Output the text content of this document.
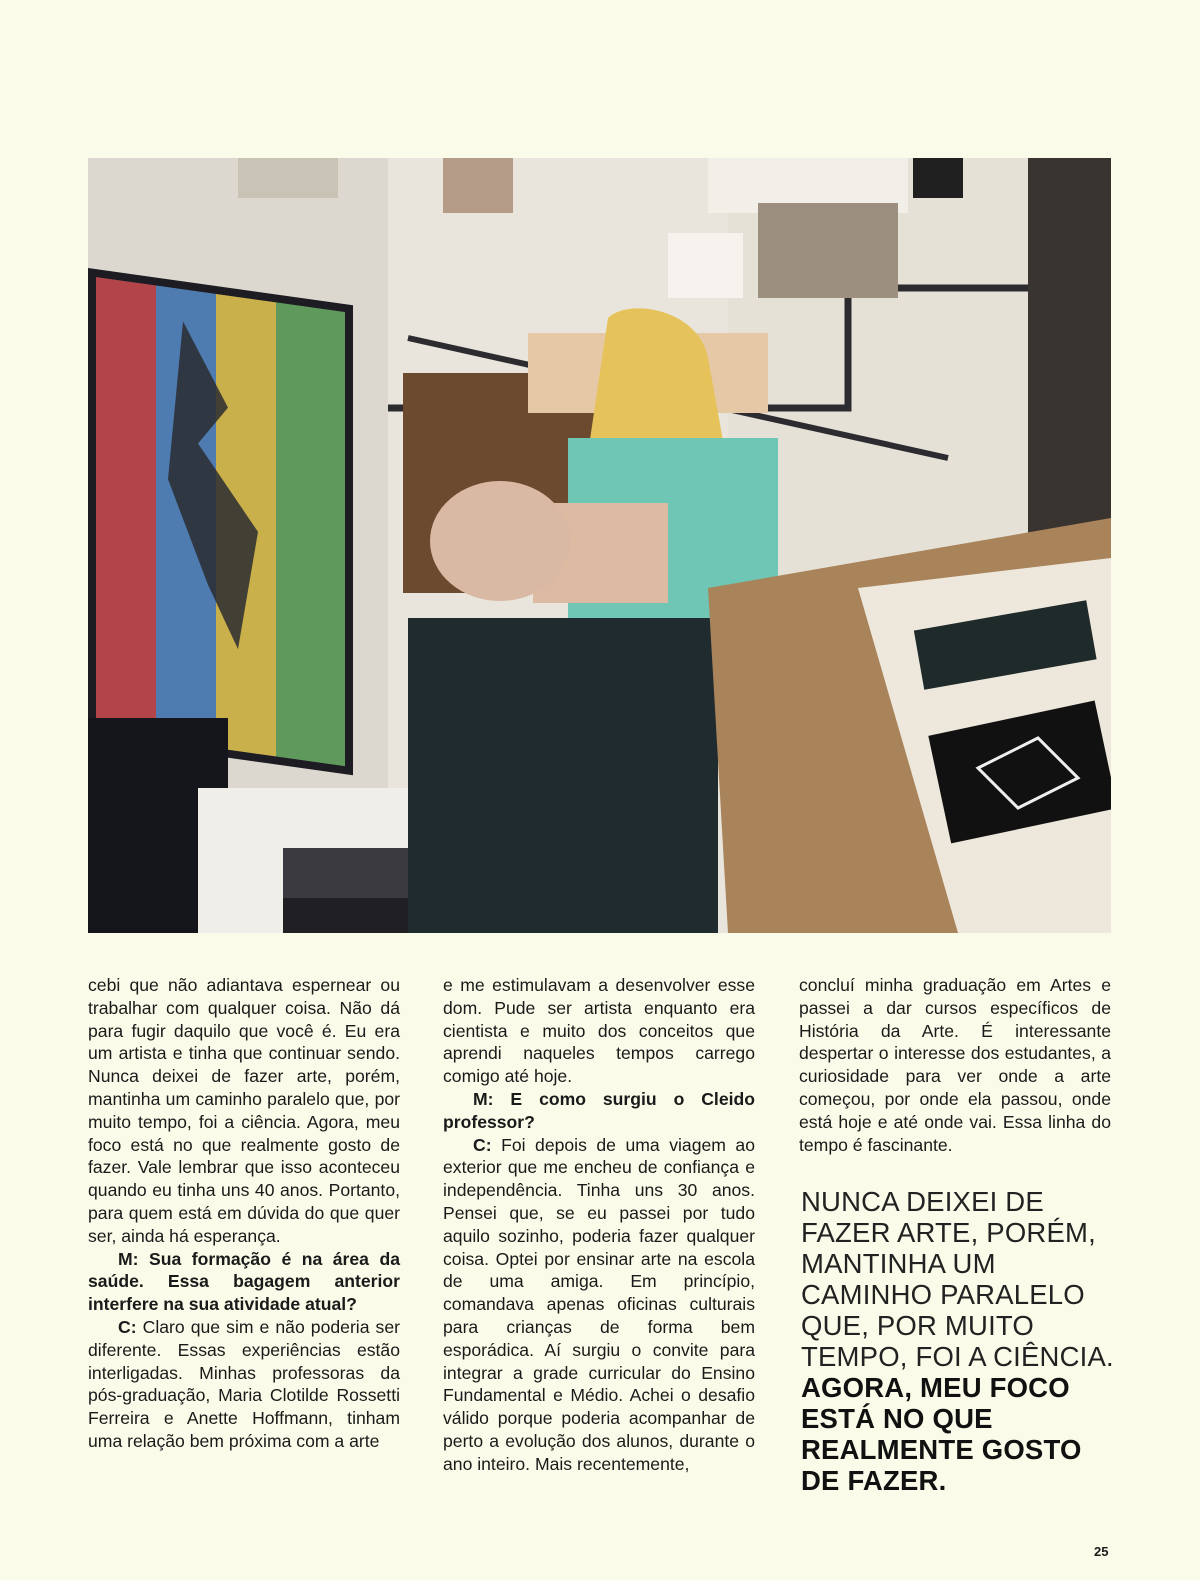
cebi que não adiantava espernear ou trabalhar com qualquer coisa. Não dá para fugir daquilo que você é. Eu era um artista e tinha que continuar sendo. Nunca deixei de fazer arte, porém, mantinha um caminho paralelo que, por muito tempo, foi a ciência. Agora, meu foco está no que realmente gosto de fazer. Vale lembrar que isso aconteceu quando eu tinha uns 40 anos. Portanto, para quem está em dúvida do que quer ser, ainda há esperança.

M: Sua formação é na área da saúde. Essa bagagem anterior interfere na sua atividade atual?

C: Claro que sim e não poderia ser diferente. Essas experiências estão interligadas. Minhas professoras da pós-graduação, Maria Clotilde Rossetti Ferreira e Anette Hoffmann, tinham uma relação bem próxima com a arte

e me estimulavam a desenvolver esse dom. Pude ser artista enquanto era cientista e muito dos conceitos que aprendi naqueles tempos carrego comigo até hoje.

M: E como surgiu o Cleido professor?

C: Foi depois de uma viagem ao exterior que me encheu de confiança e independência. Tinha uns 30 anos. Pensei que, se eu passei por tudo aquilo sozinho, poderia fazer qualquer coisa. Optei por ensinar arte na escola de uma amiga. Em princípio, comandava apenas oficinas culturais para crianças de forma bem esporádica. Aí surgiu o convite para integrar a grade curricular do Ensino Fundamental e Médio. Achei o desafio válido porque poderia acompanhar de perto a evolução dos alunos, durante o ano inteiro. Mais recentemente,

concluí minha graduação em Artes e passei a dar cursos específicos de História da Arte. É interessante despertar o interesse dos estudantes, a curiosidade para ver onde a arte começou, por onde ela passou, onde está hoje e até onde vai. Essa linha do tempo é fascinante.

NUNCA DEIXEI DE FAZER ARTE, PORÉM, MANTINHA UM CAMINHO PARALELO QUE, POR MUITO TEMPO, FOI A CIÊNCIA. AGORA, MEU FOCO ESTÁ NO QUE REALMENTE GOSTO DE FAZER.
25
